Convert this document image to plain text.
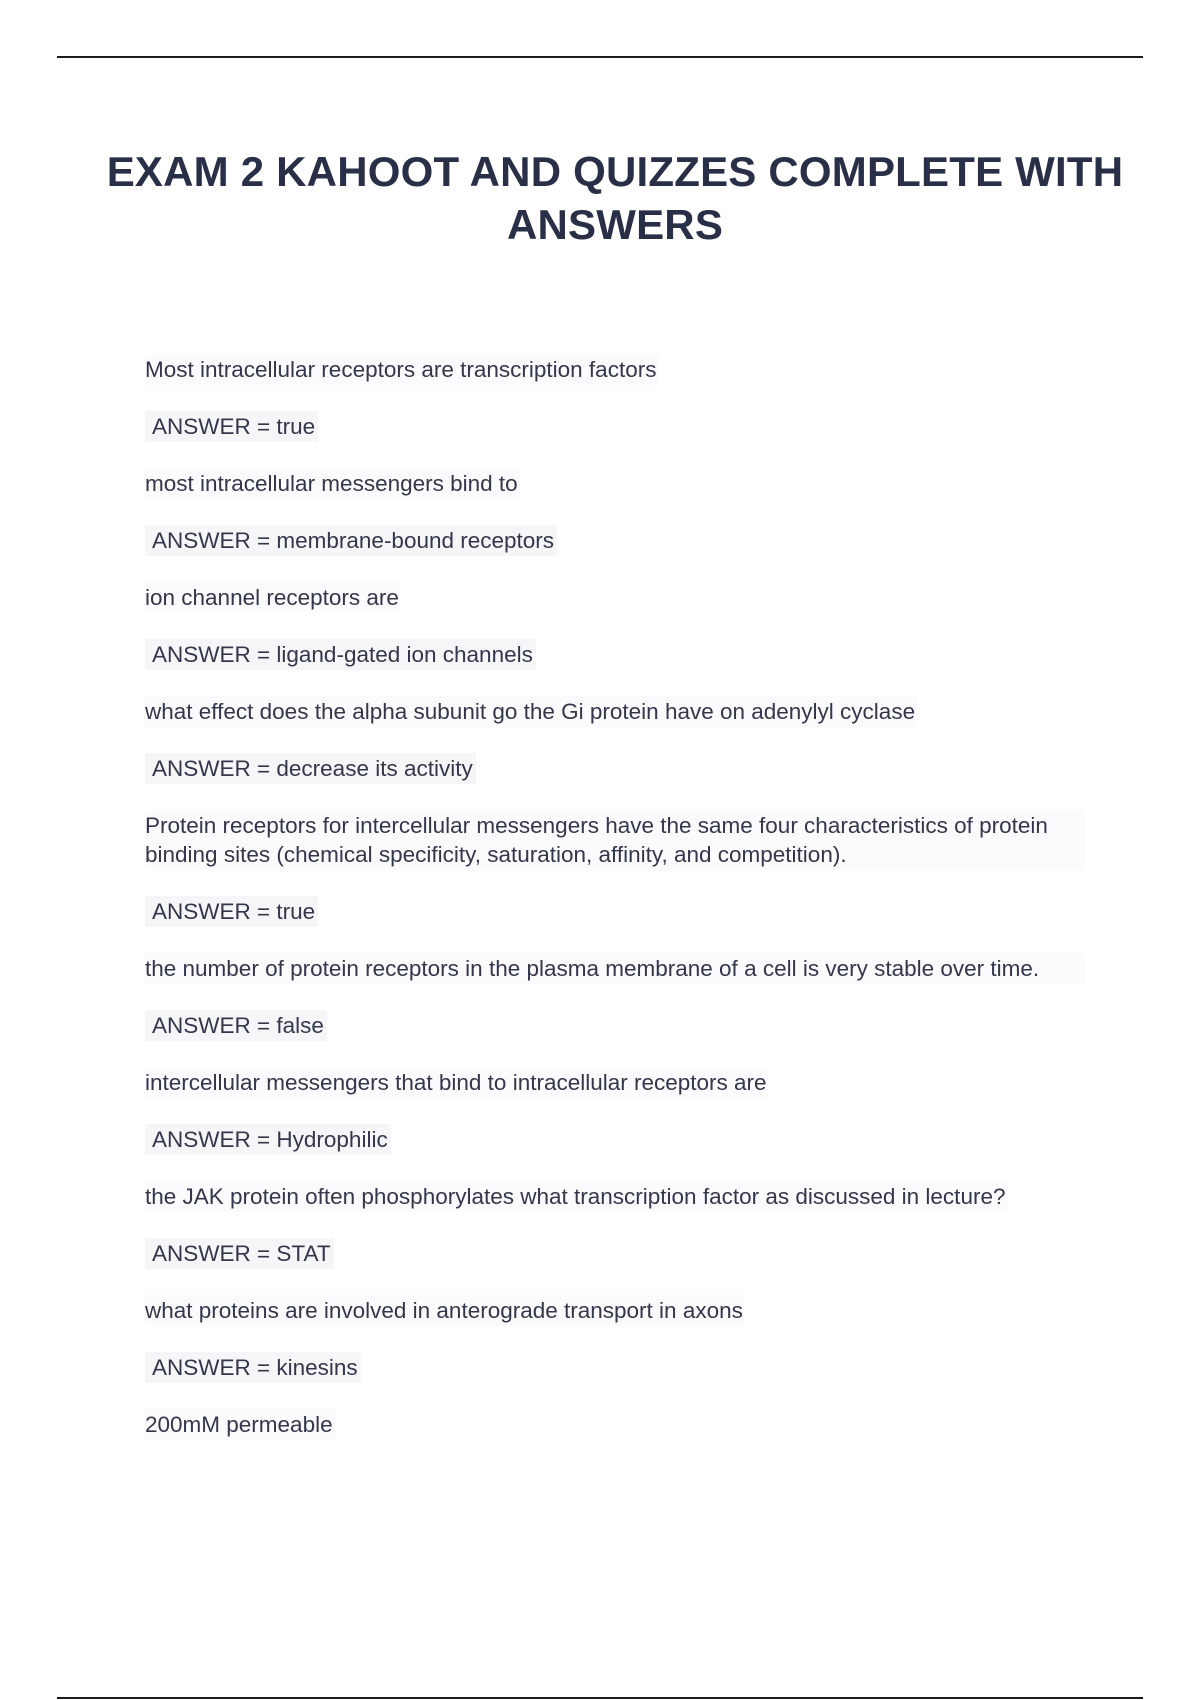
EXAM 2 KAHOOT AND QUIZZES COMPLETE WITH ANSWERS
Most intracellular receptors are transcription factors
ANSWER = true
most intracellular messengers bind to
ANSWER = membrane-bound receptors
ion channel receptors are
ANSWER = ligand-gated ion channels
what effect does the alpha subunit go the Gi protein have on adenylyl cyclase
ANSWER = decrease its activity
Protein receptors for intercellular messengers have the same four characteristics of protein binding sites (chemical specificity, saturation, affinity, and competition).
ANSWER = true
the number of protein receptors in the plasma membrane of a cell is very stable over time.
ANSWER = false
intercellular messengers that bind to intracellular receptors are
ANSWER = Hydrophilic
the JAK protein often phosphorylates what transcription factor as discussed in lecture?
ANSWER = STAT
what proteins are involved in anterograde transport in axons
ANSWER = kinesins
200mM permeable
